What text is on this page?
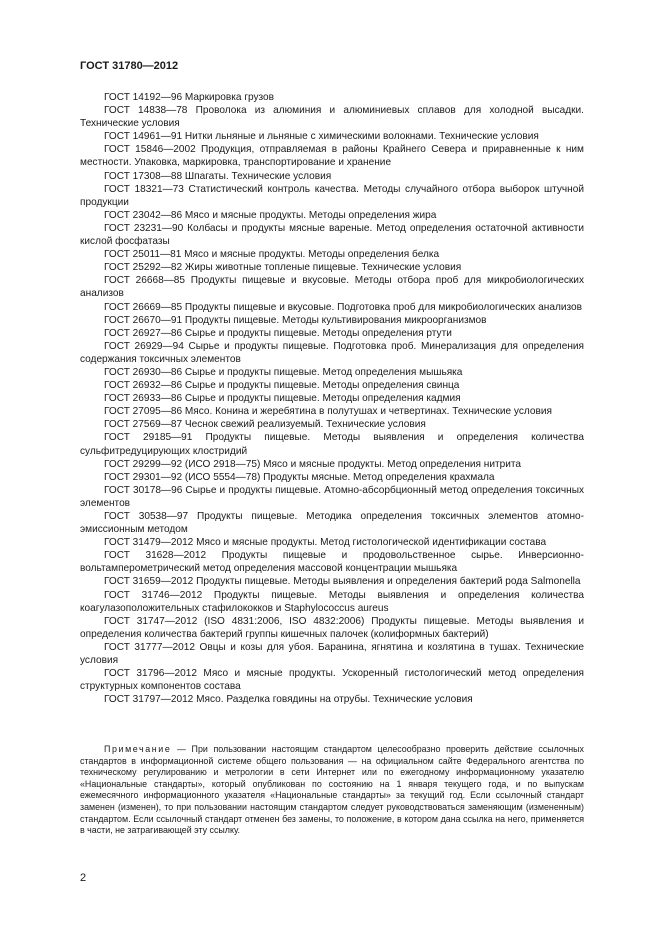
ГОСТ 31780—2012

ГОСТ 14192—96 Маркировка грузов

ГОСТ 14838—78 Проволока из алюминия и алюминиевых сплавов для холодной высадки. Технические условия

ГОСТ 14961—91 Нитки льняные и льняные с химическими волокнами. Технические условия

ГОСТ 15846—2002 Продукция, отправляемая в районы Крайнего Севера и приравненные к ним местности. Упаковка, маркировка, транспортирование и хранение

ГОСТ 17308—88 Шпагаты. Технические условия

ГОСТ 18321—73 Статистический контроль качества. Методы случайного отбора выборок штучной продукции

ГОСТ 23042—86 Мясо и мясные продукты. Методы определения жира

ГОСТ 23231—90 Колбасы и продукты мясные вареные. Метод определения остаточной активности кислой фосфатазы

ГОСТ 25011—81 Мясо и мясные продукты. Методы определения белка

ГОСТ 25292—82 Жиры животные топленые пищевые. Технические условия

ГОСТ 26668—85 Продукты пищевые и вкусовые. Методы отбора проб для микробиологических анализов

ГОСТ 26669—85 Продукты пищевые и вкусовые. Подготовка проб для микробиологических анализов

ГОСТ 26670—91 Продукты пищевые. Методы культивирования микроорганизмов

ГОСТ 26927—86 Сырье и продукты пищевые. Методы определения ртути

ГОСТ 26929—94 Сырье и продукты пищевые. Подготовка проб. Минерализация для определения содержания токсичных элементов

ГОСТ 26930—86 Сырье и продукты пищевые. Метод определения мышьяка

ГОСТ 26932—86 Сырье и продукты пищевые. Методы определения свинца

ГОСТ 26933—86 Сырье и продукты пищевые. Методы определения кадмия

ГОСТ 27095—86 Мясо. Конина и жеребятина в полутушах и четвертинах. Технические условия

ГОСТ 27569—87 Чеснок свежий реализуемый. Технические условия

ГОСТ 29185—91 Продукты пищевые. Методы выявления и определения количества сульфитредуцирующих клостридий

ГОСТ 29299—92 (ИСО 2918—75) Мясо и мясные продукты. Метод определения нитрита

ГОСТ 29301—92 (ИСО 5554—78) Продукты мясные. Метод определения крахмала

ГОСТ 30178—96 Сырье и продукты пищевые. Атомно-абсорбционный метод определения токсичных элементов

ГОСТ 30538—97 Продукты пищевые. Методика определения токсичных элементов атомно-эмиссионным методом

ГОСТ 31479—2012 Мясо и мясные продукты. Метод гистологической идентификации состава

ГОСТ 31628—2012 Продукты пищевые и продовольственное сырье. Инверсионно-вольтамперометрический метод определения массовой концентрации мышьяка

ГОСТ 31659—2012 Продукты пищевые. Методы выявления и определения бактерий рода Salmonella

ГОСТ 31746—2012 Продукты пищевые. Методы выявления и определения количества коагулазоположительных стафилококков и Staphylococcus aureus

ГОСТ 31747—2012 (ISO 4831:2006, ISO 4832:2006) Продукты пищевые. Методы выявления и определения количества бактерий группы кишечных палочек (колиформных бактерий)

ГОСТ 31777—2012 Овцы и козы для убоя. Баранина, ягнятина и козлятина в тушах. Технические условия

ГОСТ 31796—2012 Мясо и мясные продукты. Ускоренный гистологический метод определения структурных компонентов состава

ГОСТ 31797—2012 Мясо. Разделка говядины на отрубы. Технические условия

Примечание — При пользовании настоящим стандартом целесообразно проверить действие ссылочных стандартов в информационной системе общего пользования — на официальном сайте Федерального агентства по техническому регулированию и метрологии в сети Интернет или по ежегодному информационному указателю «Национальные стандарты», который опубликован по состоянию на 1 января текущего года, и по выпускам ежемесячного информационного указателя «Национальные стандарты» за текущий год. Если ссылочный стандарт заменен (изменен), то при пользовании настоящим стандартом следует руководствоваться заменяющим (измененным) стандартом. Если ссылочный стандарт отменен без замены, то положение, в котором дана ссылка на него, применяется в части, не затрагивающей эту ссылку.

2
